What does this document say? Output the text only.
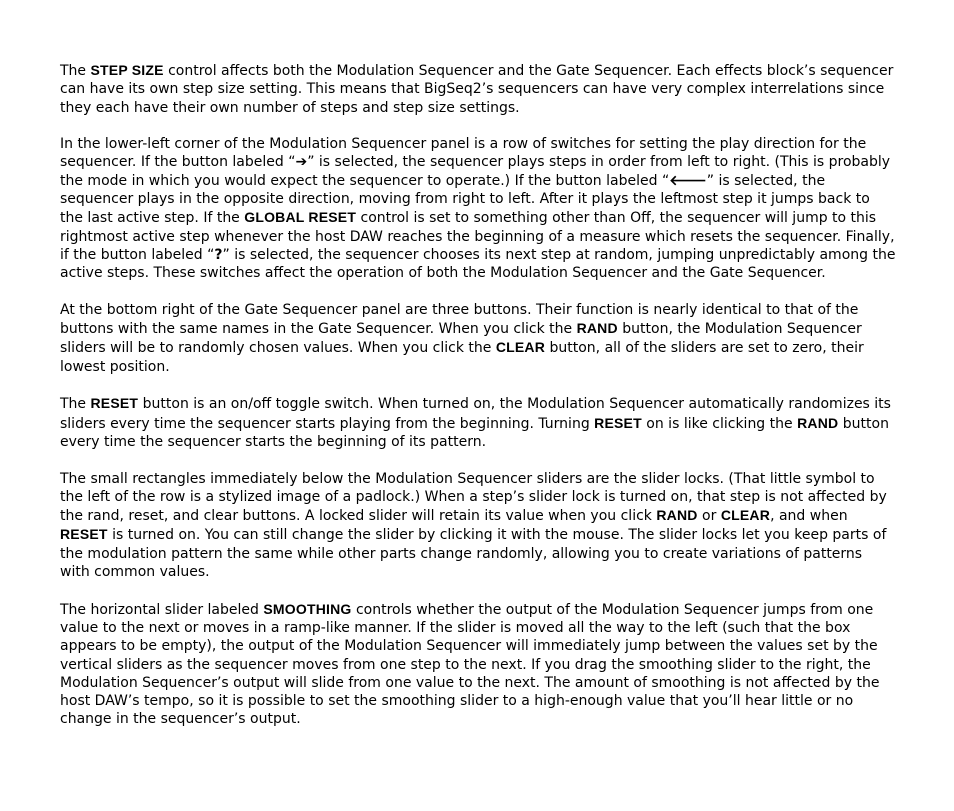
The STEP SIZE control affects both the Modulation Sequencer and the Gate Sequencer. Each effects block’s sequencer can have its own step size setting. This means that BigSeq2’s sequencers can have very complex interrelations since they each have their own number of steps and step size settings.

In the lower-left corner of the Modulation Sequencer panel is a row of switches for setting the play direction for the sequencer. If the button labeled “➔” is selected, the sequencer plays steps in order from left to right. (This is probably the mode in which you would expect the sequencer to operate.) If the button labeled “🡐” is selected, the sequencer plays in the opposite direction, moving from right to left. After it plays the leftmost step it jumps back to the last active step. If the GLOBAL RESET control is set to something other than Off, the sequencer will jump to this rightmost active step whenever the host DAW reaches the beginning of a measure which resets the sequencer. Finally, if the button labeled “?” is selected, the sequencer chooses its next step at random, jumping unpredictably among the active steps. These switches affect the operation of both the Modulation Sequencer and the Gate Sequencer.

At the bottom right of the Gate Sequencer panel are three buttons. Their function is nearly identical to that of the buttons with the same names in the Gate Sequencer. When you click the RAND button, the Modulation Sequencer sliders will be to randomly chosen values. When you click the CLEAR button, all of the sliders are set to zero, their lowest position.

The RESET button is an on/off toggle switch. When turned on, the Modulation Sequencer automatically randomizes its sliders every time the sequencer starts playing from the beginning. Turning RESET on is like clicking the RAND button every time the sequencer starts the beginning of its pattern.

The small rectangles immediately below the Modulation Sequencer sliders are the slider locks. (That little symbol to the left of the row is a stylized image of a padlock.) When a step’s slider lock is turned on, that step is not affected by the rand, reset, and clear buttons. A locked slider will retain its value when you click RAND or CLEAR, and when RESET is turned on. You can still change the slider by clicking it with the mouse. The slider locks let you keep parts of the modulation pattern the same while other parts change randomly, allowing you to create variations of patterns with common values.

The horizontal slider labeled SMOOTHING controls whether the output of the Modulation Sequencer jumps from one value to the next or moves in a ramp-like manner. If the slider is moved all the way to the left (such that the box appears to be empty), the output of the Modulation Sequencer will immediately jump between the values set by the vertical sliders as the sequencer moves from one step to the next. If you drag the smoothing slider to the right, the Modulation Sequencer’s output will slide from one value to the next. The amount of smoothing is not affected by the host DAW’s tempo, so it is possible to set the smoothing slider to a high-enough value that you’ll hear little or no change in the sequencer’s output.
